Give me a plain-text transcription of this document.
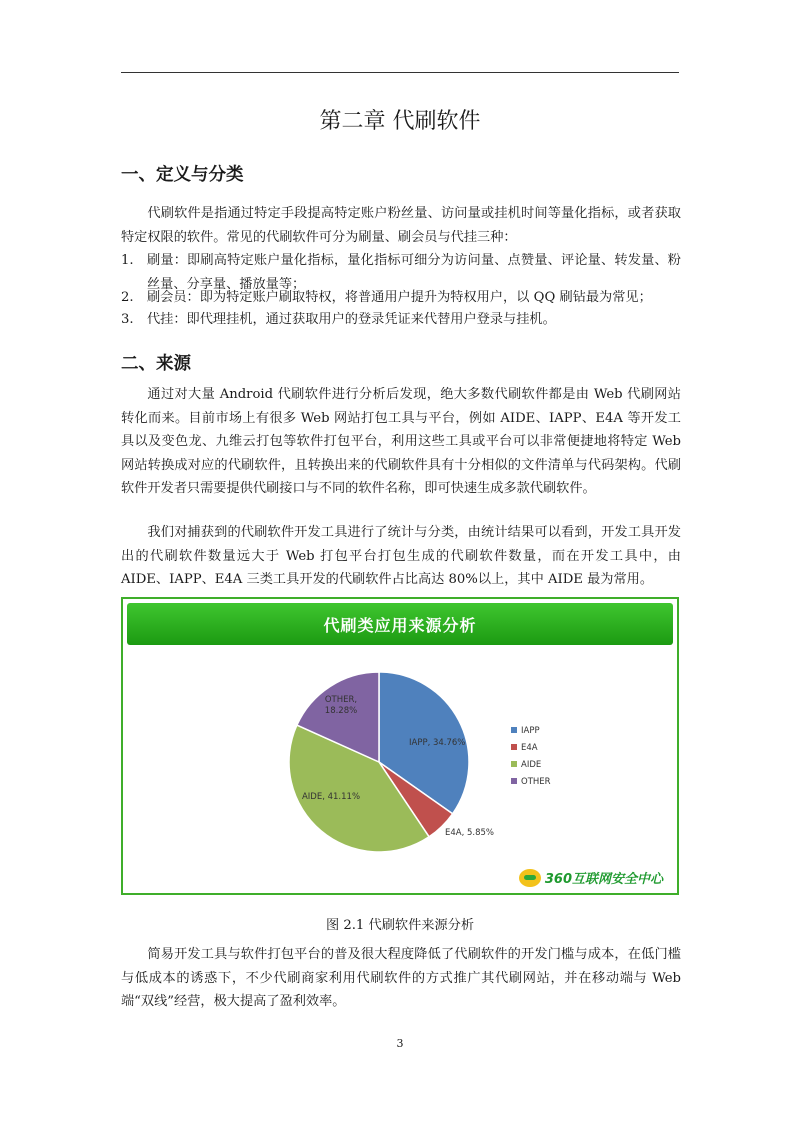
第二章 代刷软件
一、定义与分类

代刷软件是指通过特定手段提高特定账户粉丝量、访问量或挂机时间等量化指标，或者获取特定权限的软件。常见的代刷软件可分为刷量、刷会员与代挂三种：

1. 刷量：即刷高特定账户量化指标，量化指标可细分为访问量、点赞量、评论量、转发量、粉丝量、分享量、播放量等；

2. 刷会员：即为特定账户刷取特权，将普通用户提升为特权用户，以 QQ 刷钻最为常见；

3. 代挂：即代理挂机，通过获取用户的登录凭证来代替用户登录与挂机。

二、来源

通过对大量 Android 代刷软件进行分析后发现，绝大多数代刷软件都是由 Web 代刷网站转化而来。目前市场上有很多 Web 网站打包工具与平台，例如 AIDE、IAPP、E4A 等开发工具以及变色龙、九维云打包等软件打包平台，利用这些工具或平台可以非常便捷地将特定 Web 网站转换成对应的代刷软件，且转换出来的代刷软件具有十分相似的文件清单与代码架构。代刷软件开发者只需要提供代刷接口与不同的软件名称，即可快速生成多款代刷软件。

我们对捕获到的代刷软件开发工具进行了统计与分类，由统计结果可以看到，开发工具开发出的代刷软件数量远大于 Web 打包平台打包生成的代刷软件数量，而在开发工具中，由 AIDE、IAPP、E4A 三类工具开发的代刷软件占比高达 80%以上，其中 AIDE 最为常用。

代刷类应用来源分析
IAPP, 34.76%
E4A, 5.85%
AIDE, 41.11%
OTHER, 18.28%
IAPP
E4A
AIDE
OTHER
360互联网安全中心
图 2.1 代刷软件来源分析

简易开发工具与软件打包平台的普及很大程度降低了代刷软件的开发门槛与成本，在低门槛与低成本的诱惑下，不少代刷商家利用代刷软件的方式推广其代刷网站，并在移动端与 Web 端“双线”经营，极大提高了盈利效率。

3
